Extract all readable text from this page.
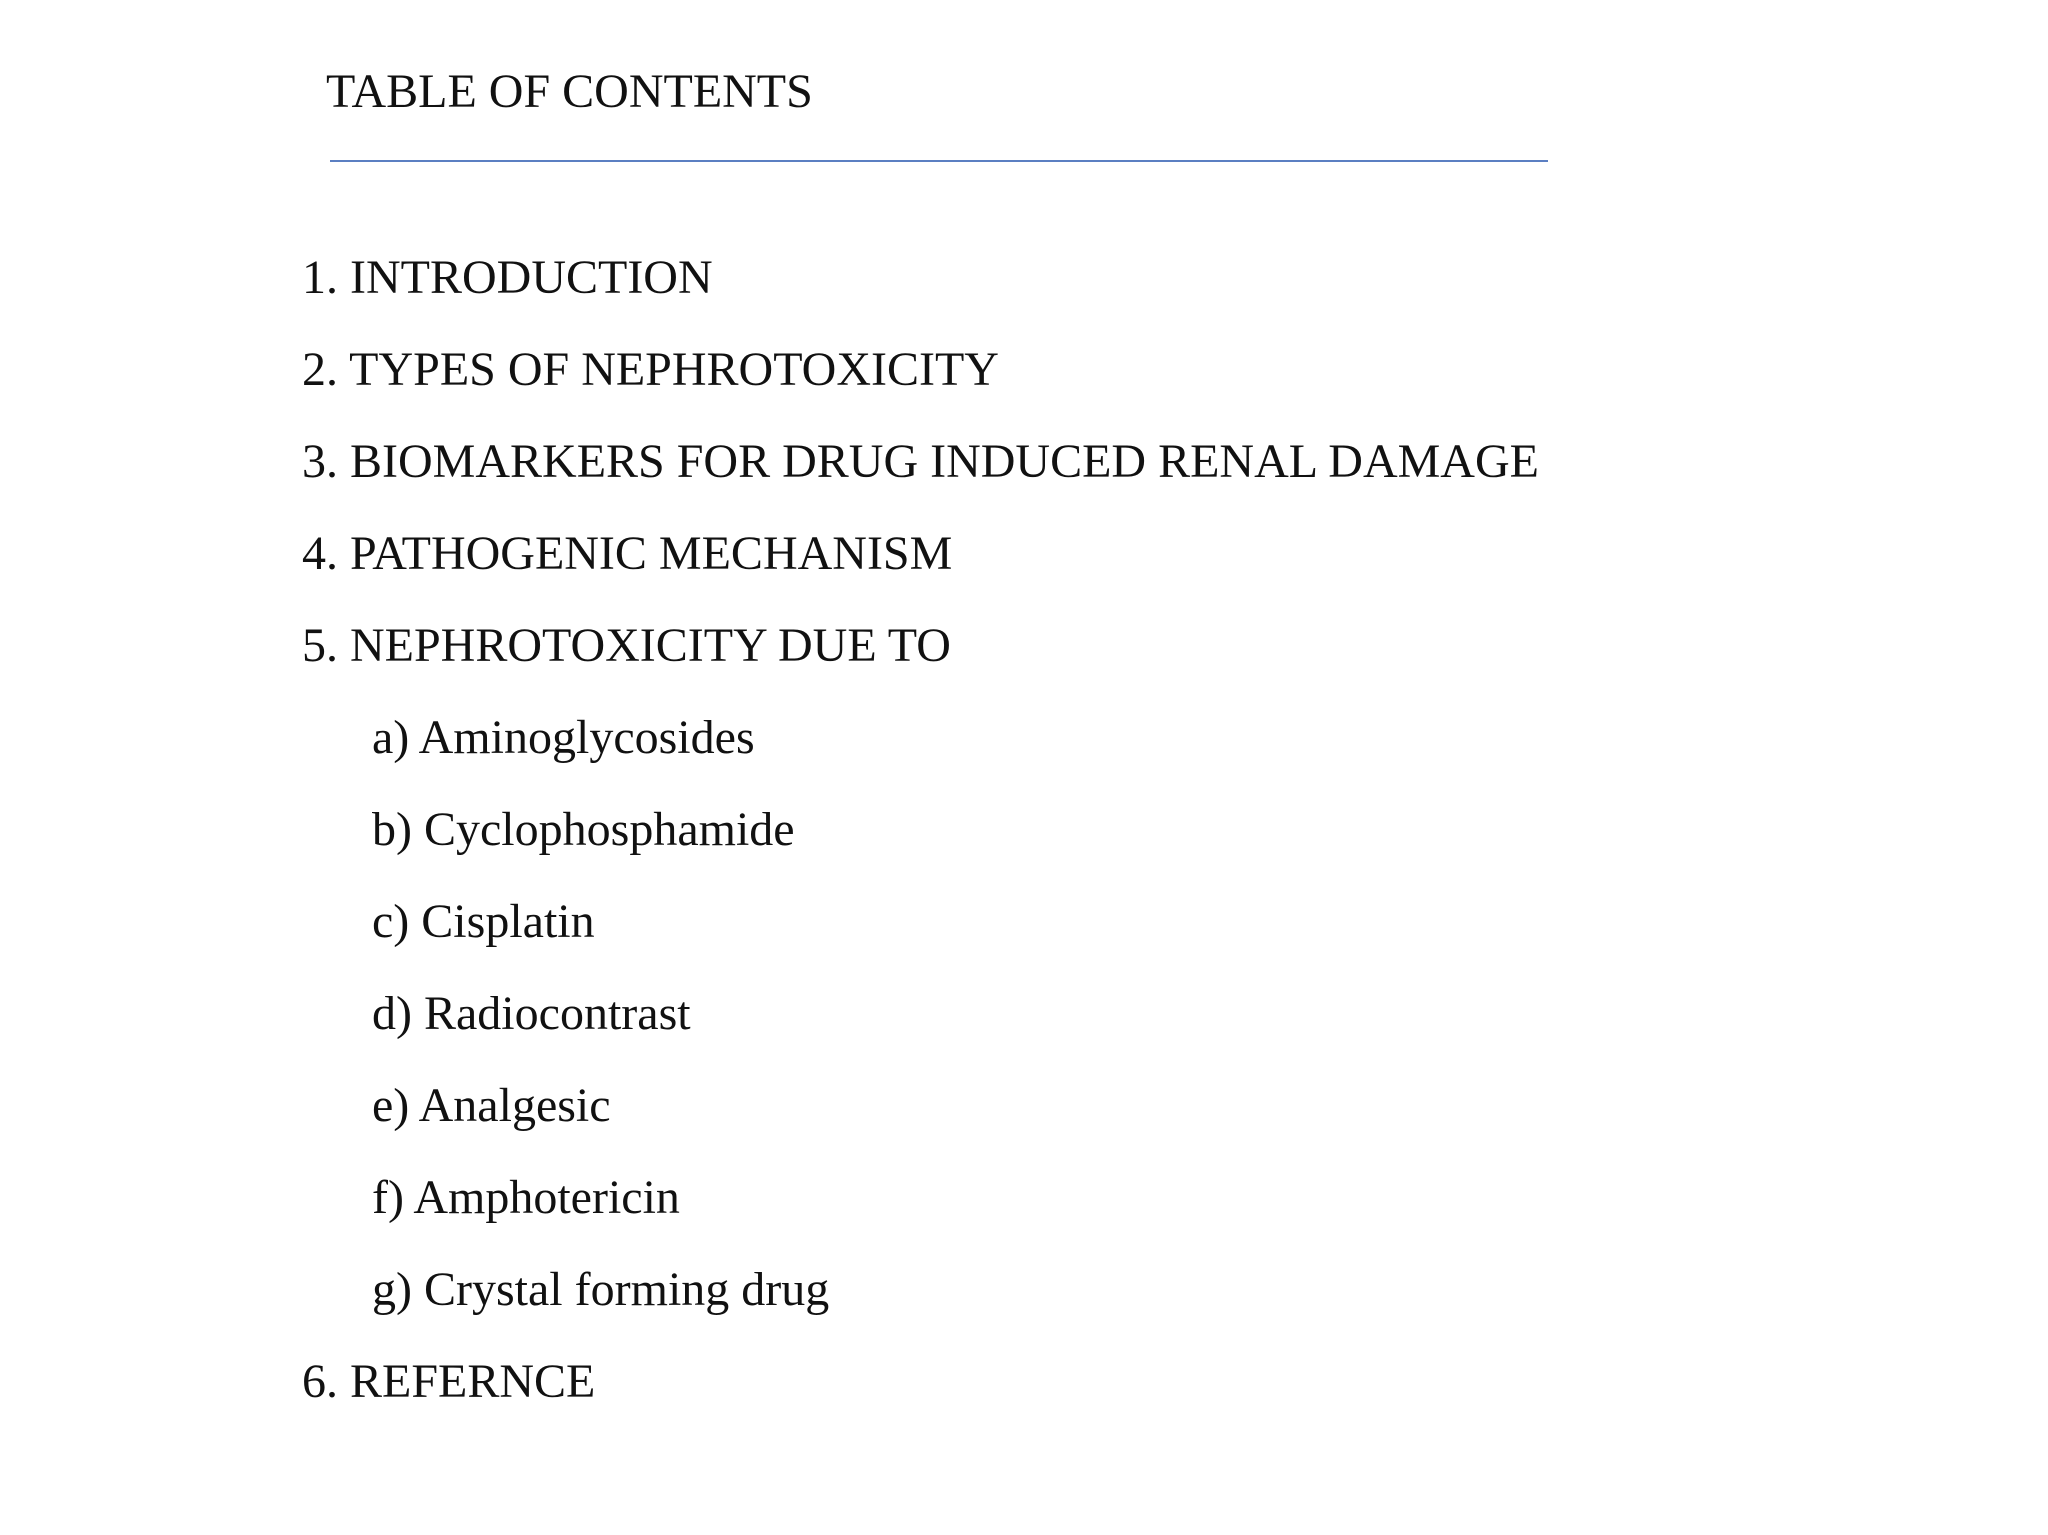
TABLE OF CONTENTS
1. INTRODUCTION
2. TYPES OF NEPHROTOXICITY
3. BIOMARKERS FOR DRUG INDUCED RENAL DAMAGE
4. PATHOGENIC MECHANISM
5. NEPHROTOXICITY DUE TO
a) Aminoglycosides
b) Cyclophosphamide
c) Cisplatin
d) Radiocontrast
e) Analgesic
f) Amphotericin
g) Crystal forming drug
6. REFERNCE
